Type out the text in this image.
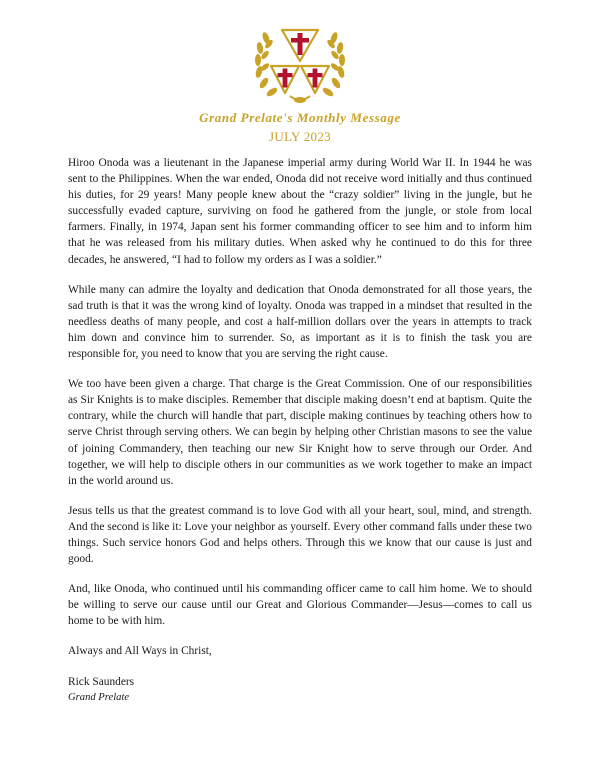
Grand Prelate's Monthly Message
JULY 2023

Hiroo Onoda was a lieutenant in the Japanese imperial army during World War II. In 1944 he was sent to the Philippines. When the war ended, Onoda did not receive word initially and thus continued his duties, for 29 years! Many people knew about the “crazy soldier” living in the jungle, but he successfully evaded capture, surviving on food he gathered from the jungle, or stole from local farmers. Finally, in 1974, Japan sent his former commanding officer to see him and to inform him that he was released from his military duties. When asked why he continued to do this for three decades, he answered, “I had to follow my orders as I was a soldier.”

While many can admire the loyalty and dedication that Onoda demonstrated for all those years, the sad truth is that it was the wrong kind of loyalty. Onoda was trapped in a mindset that resulted in the needless deaths of many people, and cost a half-million dollars over the years in attempts to track him down and convince him to surrender. So, as important as it is to finish the task you are responsible for, you need to know that you are serving the right cause.

We too have been given a charge. That charge is the Great Commission. One of our responsibilities as Sir Knights is to make disciples. Remember that disciple making doesn’t end at baptism. Quite the contrary, while the church will handle that part, disciple making continues by teaching others how to serve Christ through serving others. We can begin by helping other Christian masons to see the value of joining Commandery, then teaching our new Sir Knight how to serve through our Order. And together, we will help to disciple others in our communities as we work together to make an impact in the world around us.

Jesus tells us that the greatest command is to love God with all your heart, soul, mind, and strength. And the second is like it: Love your neighbor as yourself. Every other command falls under these two things. Such service honors God and helps others. Through this we know that our cause is just and good.

And, like Onoda, who continued until his commanding officer came to call him home. We to should be willing to serve our cause until our Great and Glorious Commander—Jesus—comes to call us home to be with him.

Always and All Ways in Christ,
Rick Saunders
Grand Prelate
